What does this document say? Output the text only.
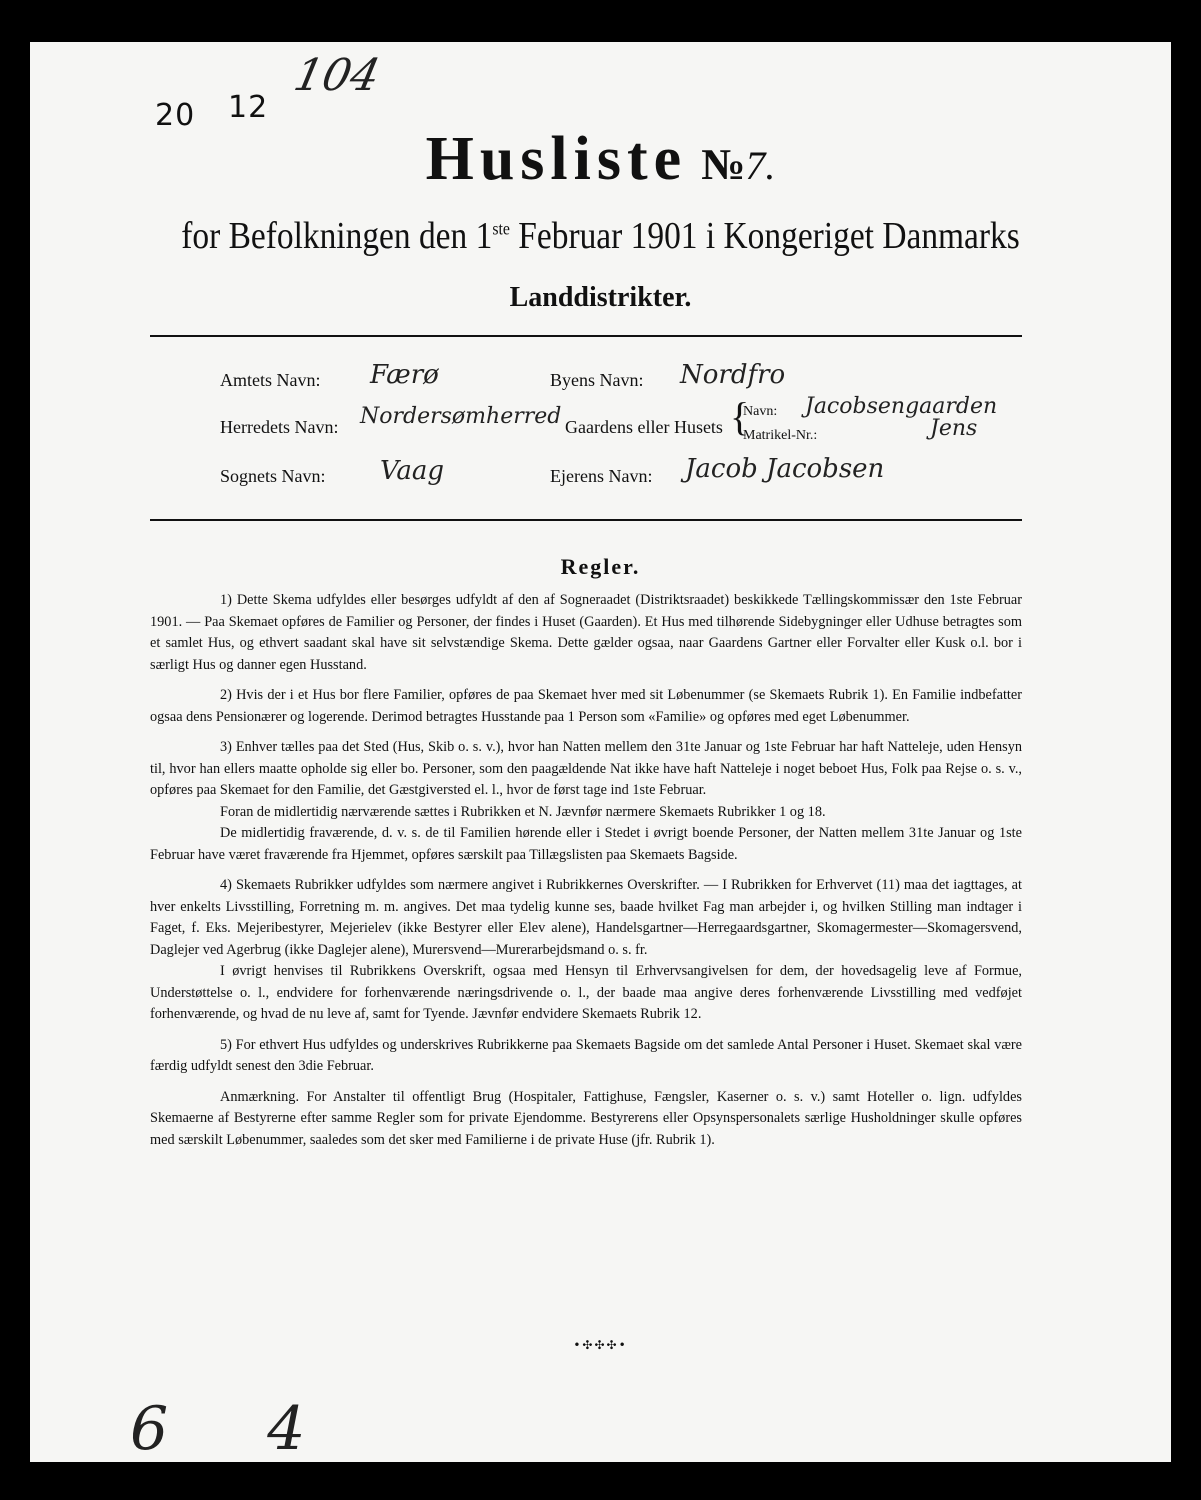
20 12
104
Husliste №7.
for Befolkningen den 1ste Februar 1901 i Kongeriget Danmarks
Landdistrikter.
Amtets Navn: Færø	Byens Navn: Nordfro
Herredets Navn: Nordersømherred Gaardens eller Husets {
Navn: Jacobsengaarden
Matrikel-Nr.:	Jens
Sognets Navn: Vaag	Ejerens Navn: Jacob Jacobsen
Regler.

1) Dette Skema udfyldes eller besørges udfyldt af den af Sogneraadet (Distriktsraadet) beskikkede Tællingskommissær den 1ste Februar 1901. — Paa Skemaet opføres de Familier og Personer, der findes i Huset (Gaarden). Et Hus med tilhørende Sidebygninger eller Udhuse betragtes som et samlet Hus, og ethvert saadant skal have sit selvstændige Skema. Dette gælder ogsaa, naar Gaardens Gartner eller Forvalter eller Kusk o.l. bor i særligt Hus og danner egen Husstand.

2) Hvis der i et Hus bor flere Familier, opføres de paa Skemaet hver med sit Løbenummer (se Skemaets Rubrik 1). En Familie indbefatter ogsaa dens Pensionærer og logerende. Derimod betragtes Husstande paa 1 Person som «Familie» og opføres med eget Løbenummer.

3) Enhver tælles paa det Sted (Hus, Skib o. s. v.), hvor han Natten mellem den 31te Januar og 1ste Februar har haft Natteleje, uden Hensyn til, hvor han ellers maatte opholde sig eller bo. Personer, som den paagældende Nat ikke have haft Natteleje i noget beboet Hus, Folk paa Rejse o. s. v., opføres paa Skemaet for den Familie, det Gæstgiversted el. l., hvor de først tage ind 1ste Februar.

Foran de midlertidig nærværende sættes i Rubrikken et N. Jævnfør nærmere Skemaets Rubrikker 1 og 18.

De midlertidig fraværende, d. v. s. de til Familien hørende eller i Stedet i øvrigt boende Personer, der Natten mellem 31te Januar og 1ste Februar have været fraværende fra Hjemmet, opføres særskilt paa Tillægslisten paa Skemaets Bagside.

4) Skemaets Rubrikker udfyldes som nærmere angivet i Rubrikkernes Overskrifter. — I Rubrikken for Erhvervet (11) maa det iagttages, at hver enkelts Livsstilling, Forretning m. m. angives. Det maa tydelig kunne ses, baade hvilket Fag man arbejder i, og hvilken Stilling man indtager i Faget, f. Eks. Mejeribestyrer, Mejerielev (ikke Bestyrer eller Elev alene), Handelsgartner—Herregaardsgartner, Skomagermester—Skomagersvend, Daglejer ved Agerbrug (ikke Daglejer alene), Murersvend—Murerarbejdsmand o. s. fr.

I øvrigt henvises til Rubrikkens Overskrift, ogsaa med Hensyn til Erhvervsangivelsen for dem, der hovedsagelig leve af Formue, Understøttelse o. l., endvidere for forhenværende næringsdrivende o. l., der baade maa angive deres forhenværende Livsstilling med vedføjet forhenværende, og hvad de nu leve af, samt for Tyende. Jævnfør endvidere Skemaets Rubrik 12.

5) For ethvert Hus udfyldes og underskrives Rubrikkerne paa Skemaets Bagside om det samlede Antal Personer i Huset. Skemaet skal være færdig udfyldt senest den 3die Februar.

Anmærkning. For Anstalter til offentligt Brug (Hospitaler, Fattighuse, Fængsler, Kaserner o. s. v.) samt Hoteller o. lign. udfyldes Skemaerne af Bestyrerne efter samme Regler som for private Ejendomme. Bestyrerens eller Opsynspersonalets særlige Husholdninger skulle opføres med særskilt Løbenummer, saaledes som det sker med Familierne i de private Huse (jfr. Rubrik 1).

•✣✣✣•
6 4
